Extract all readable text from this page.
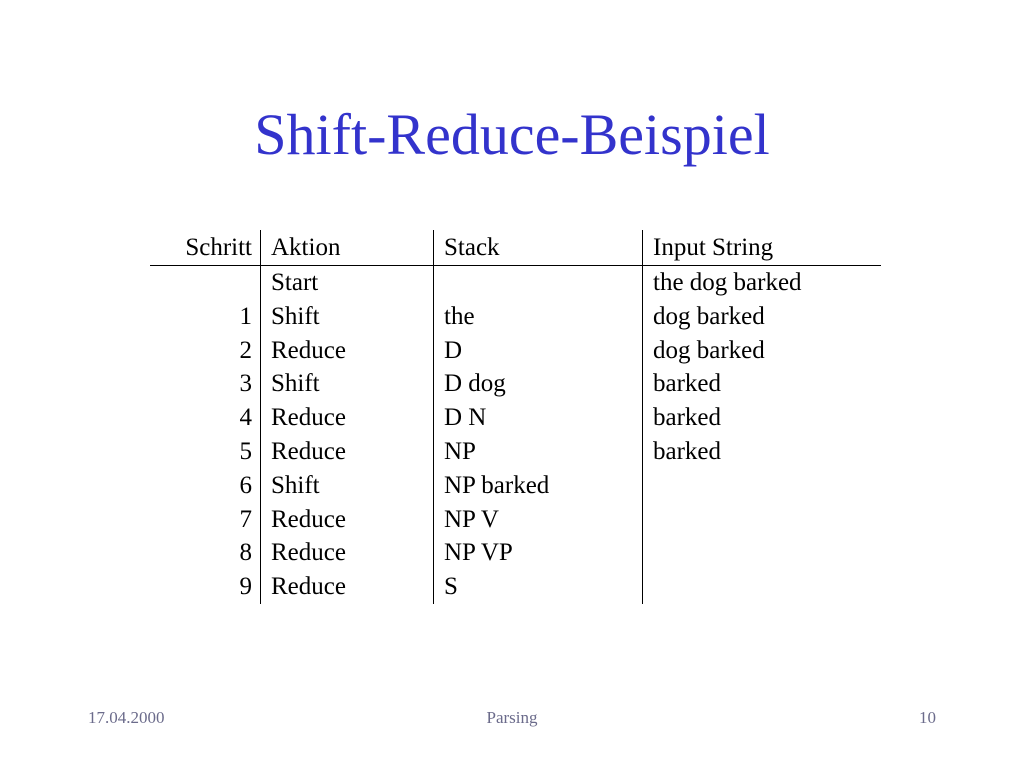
Shift-Reduce-Beispiel
Schritt	Aktion	Stack	Input String
	Start		the dog barked
1	Shift	the	dog barked
2	Reduce	D	dog barked
3	Shift	D dog	barked
4	Reduce	D N	barked
5	Reduce	NP	barked
6	Shift	NP barked	
7	Reduce	NP V	
8	Reduce	NP VP	
9	Reduce	S	
17.04.2000	Parsing	10
